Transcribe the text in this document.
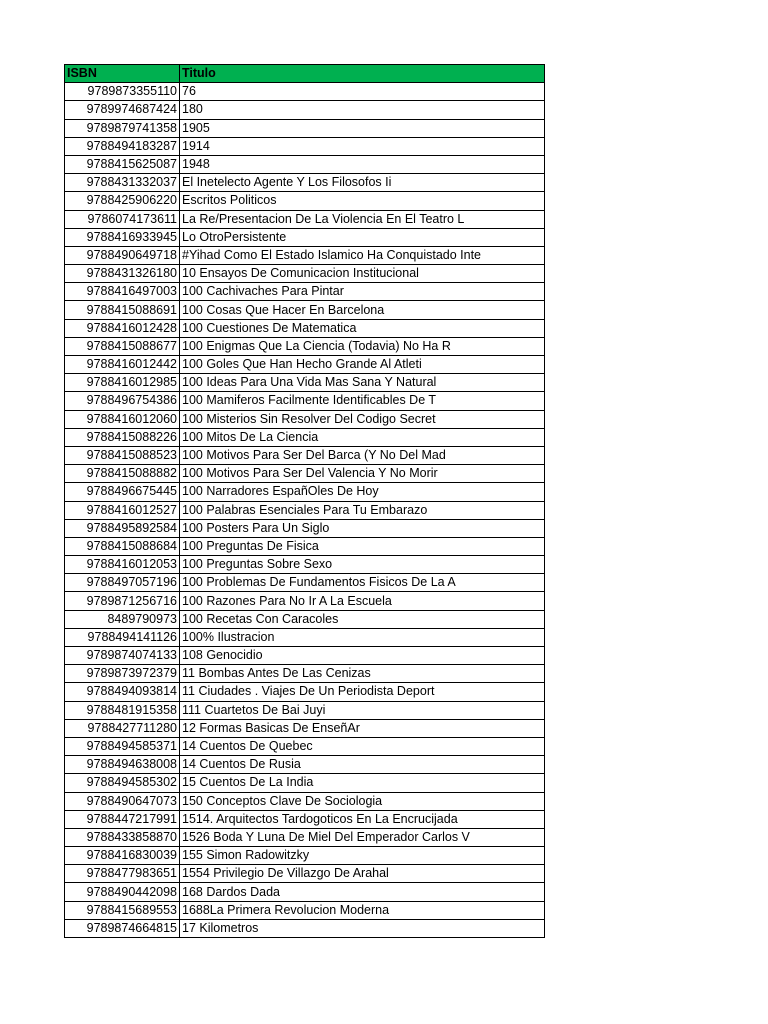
ISBN	Titulo
9789873355110	76
9789974687424	180
9789879741358	1905
9788494183287	1914
9788415625087	1948
9788431332037	El Inetelecto Agente Y Los Filosofos Ii
9788425906220	Escritos Politicos
9786074173611	La Re/Presentacion De La Violencia En El Teatro L
9788416933945	Lo OtroPersistente
9788490649718	#Yihad Como El Estado Islamico Ha Conquistado Inte
9788431326180	10 Ensayos De Comunicacion Institucional
9788416497003	100 Cachivaches Para Pintar
9788415088691	100 Cosas Que Hacer En Barcelona
9788416012428	100 Cuestiones De Matematica
9788415088677	100 Enigmas Que La Ciencia (Todavia) No Ha R
9788416012442	100 Goles Que Han Hecho Grande Al Atleti
9788416012985	100 Ideas Para Una Vida Mas Sana Y Natural
9788496754386	100 Mamiferos Facilmente Identificables De T
9788416012060	100 Misterios Sin Resolver Del Codigo Secret
9788415088226	100 Mitos De La Ciencia
9788415088523	100 Motivos Para Ser Del Barca (Y No Del Mad
9788415088882	100 Motivos Para Ser Del Valencia Y No Morir
9788496675445	100 Narradores EspañOles De Hoy
9788416012527	100 Palabras Esenciales Para Tu Embarazo
9788495892584	100 Posters Para Un Siglo
9788415088684	100 Preguntas De Fisica
9788416012053	100 Preguntas Sobre Sexo
9788497057196	100 Problemas De Fundamentos Fisicos De La A
9789871256716	100 Razones Para No Ir A La Escuela
8489790973	100 Recetas Con Caracoles
9788494141126	100% Ilustracion
9789874074133	108 Genocidio
9789873972379	11 Bombas Antes De Las Cenizas
9788494093814	11 Ciudades . Viajes De Un Periodista Deport
9788481915358	111 Cuartetos De Bai Juyi
9788427711280	12 Formas Basicas De EnseñAr
9788494585371	14 Cuentos De Quebec
9788494638008	14 Cuentos De Rusia
9788494585302	15 Cuentos De La India
9788490647073	150 Conceptos Clave De Sociologia
9788447217991	1514. Arquitectos Tardogoticos En La Encrucijada
9788433858870	1526 Boda Y Luna De Miel Del Emperador Carlos V
9788416830039	155 Simon Radowitzky
9788477983651	1554 Privilegio De Villazgo De Arahal
9788490442098	168 Dardos Dada
9788415689553	1688La Primera Revolucion Moderna
9789874664815	17 Kilometros
